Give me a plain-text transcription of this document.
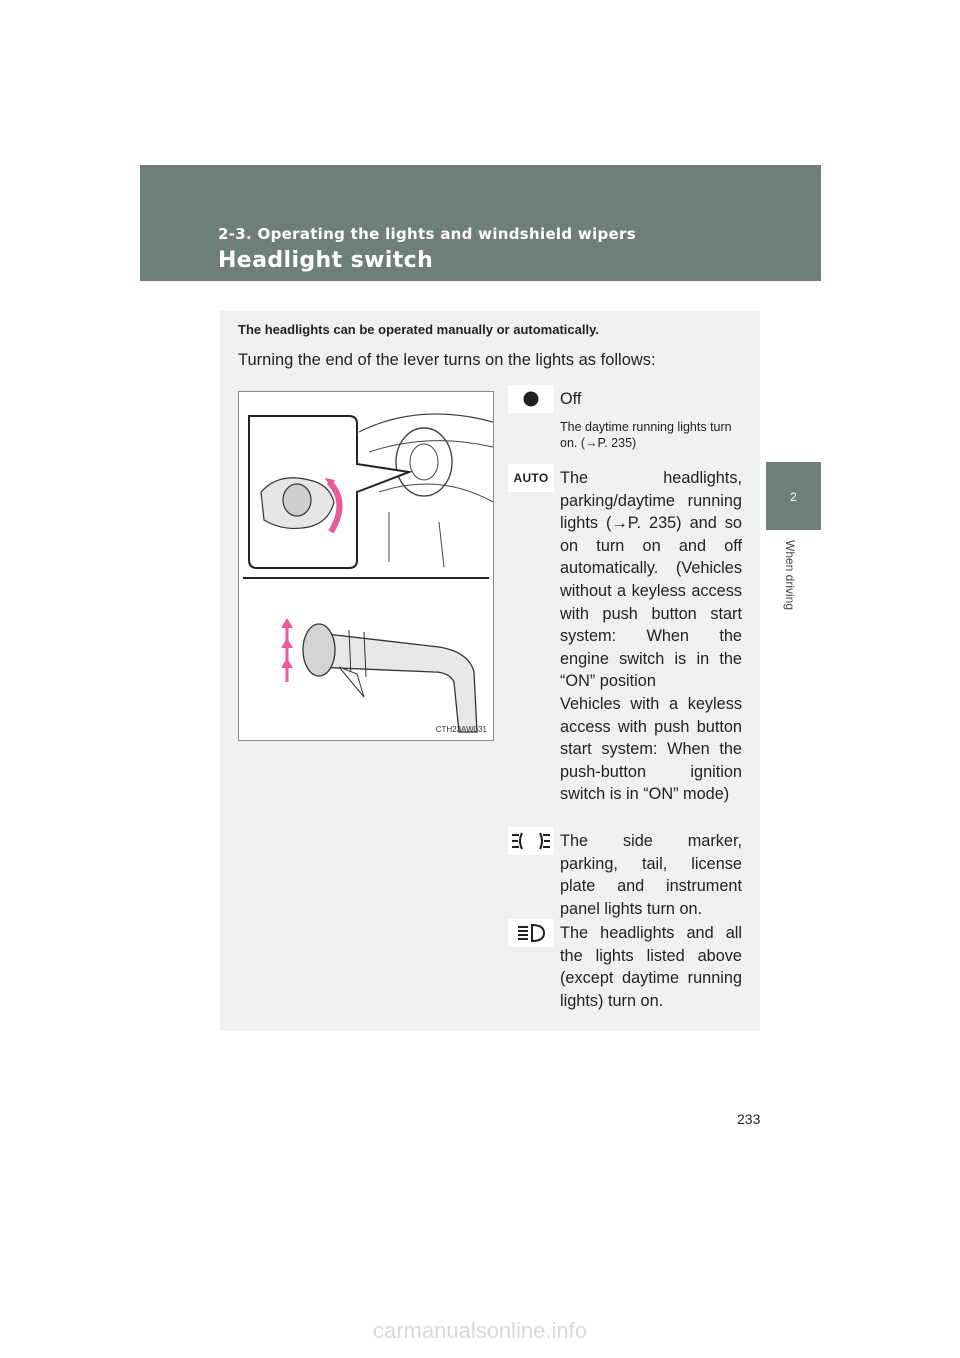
2-3. Operating the lights and windshield wipers
Headlight switch
2
When driving
The headlights can be operated manually or automatically.
Turning the end of the lever turns on the lights as follows:
CTH23AW031
Off
The daytime running lights turn on. (→P. 235)
AUTO The headlights, parking/daytime running lights (→P. 235) and so on turn on and off automatically. (Vehicles without a keyless access with push button start system: When the engine switch is in the “ON” position
Vehicles with a keyless access with push button start system: When the push-button ignition switch is in “ON” mode)
The side marker, parking, tail, license plate and instrument panel lights turn on.
The headlights and all the lights listed above (except daytime running lights) turn on.
233
carmanualsonline.info
